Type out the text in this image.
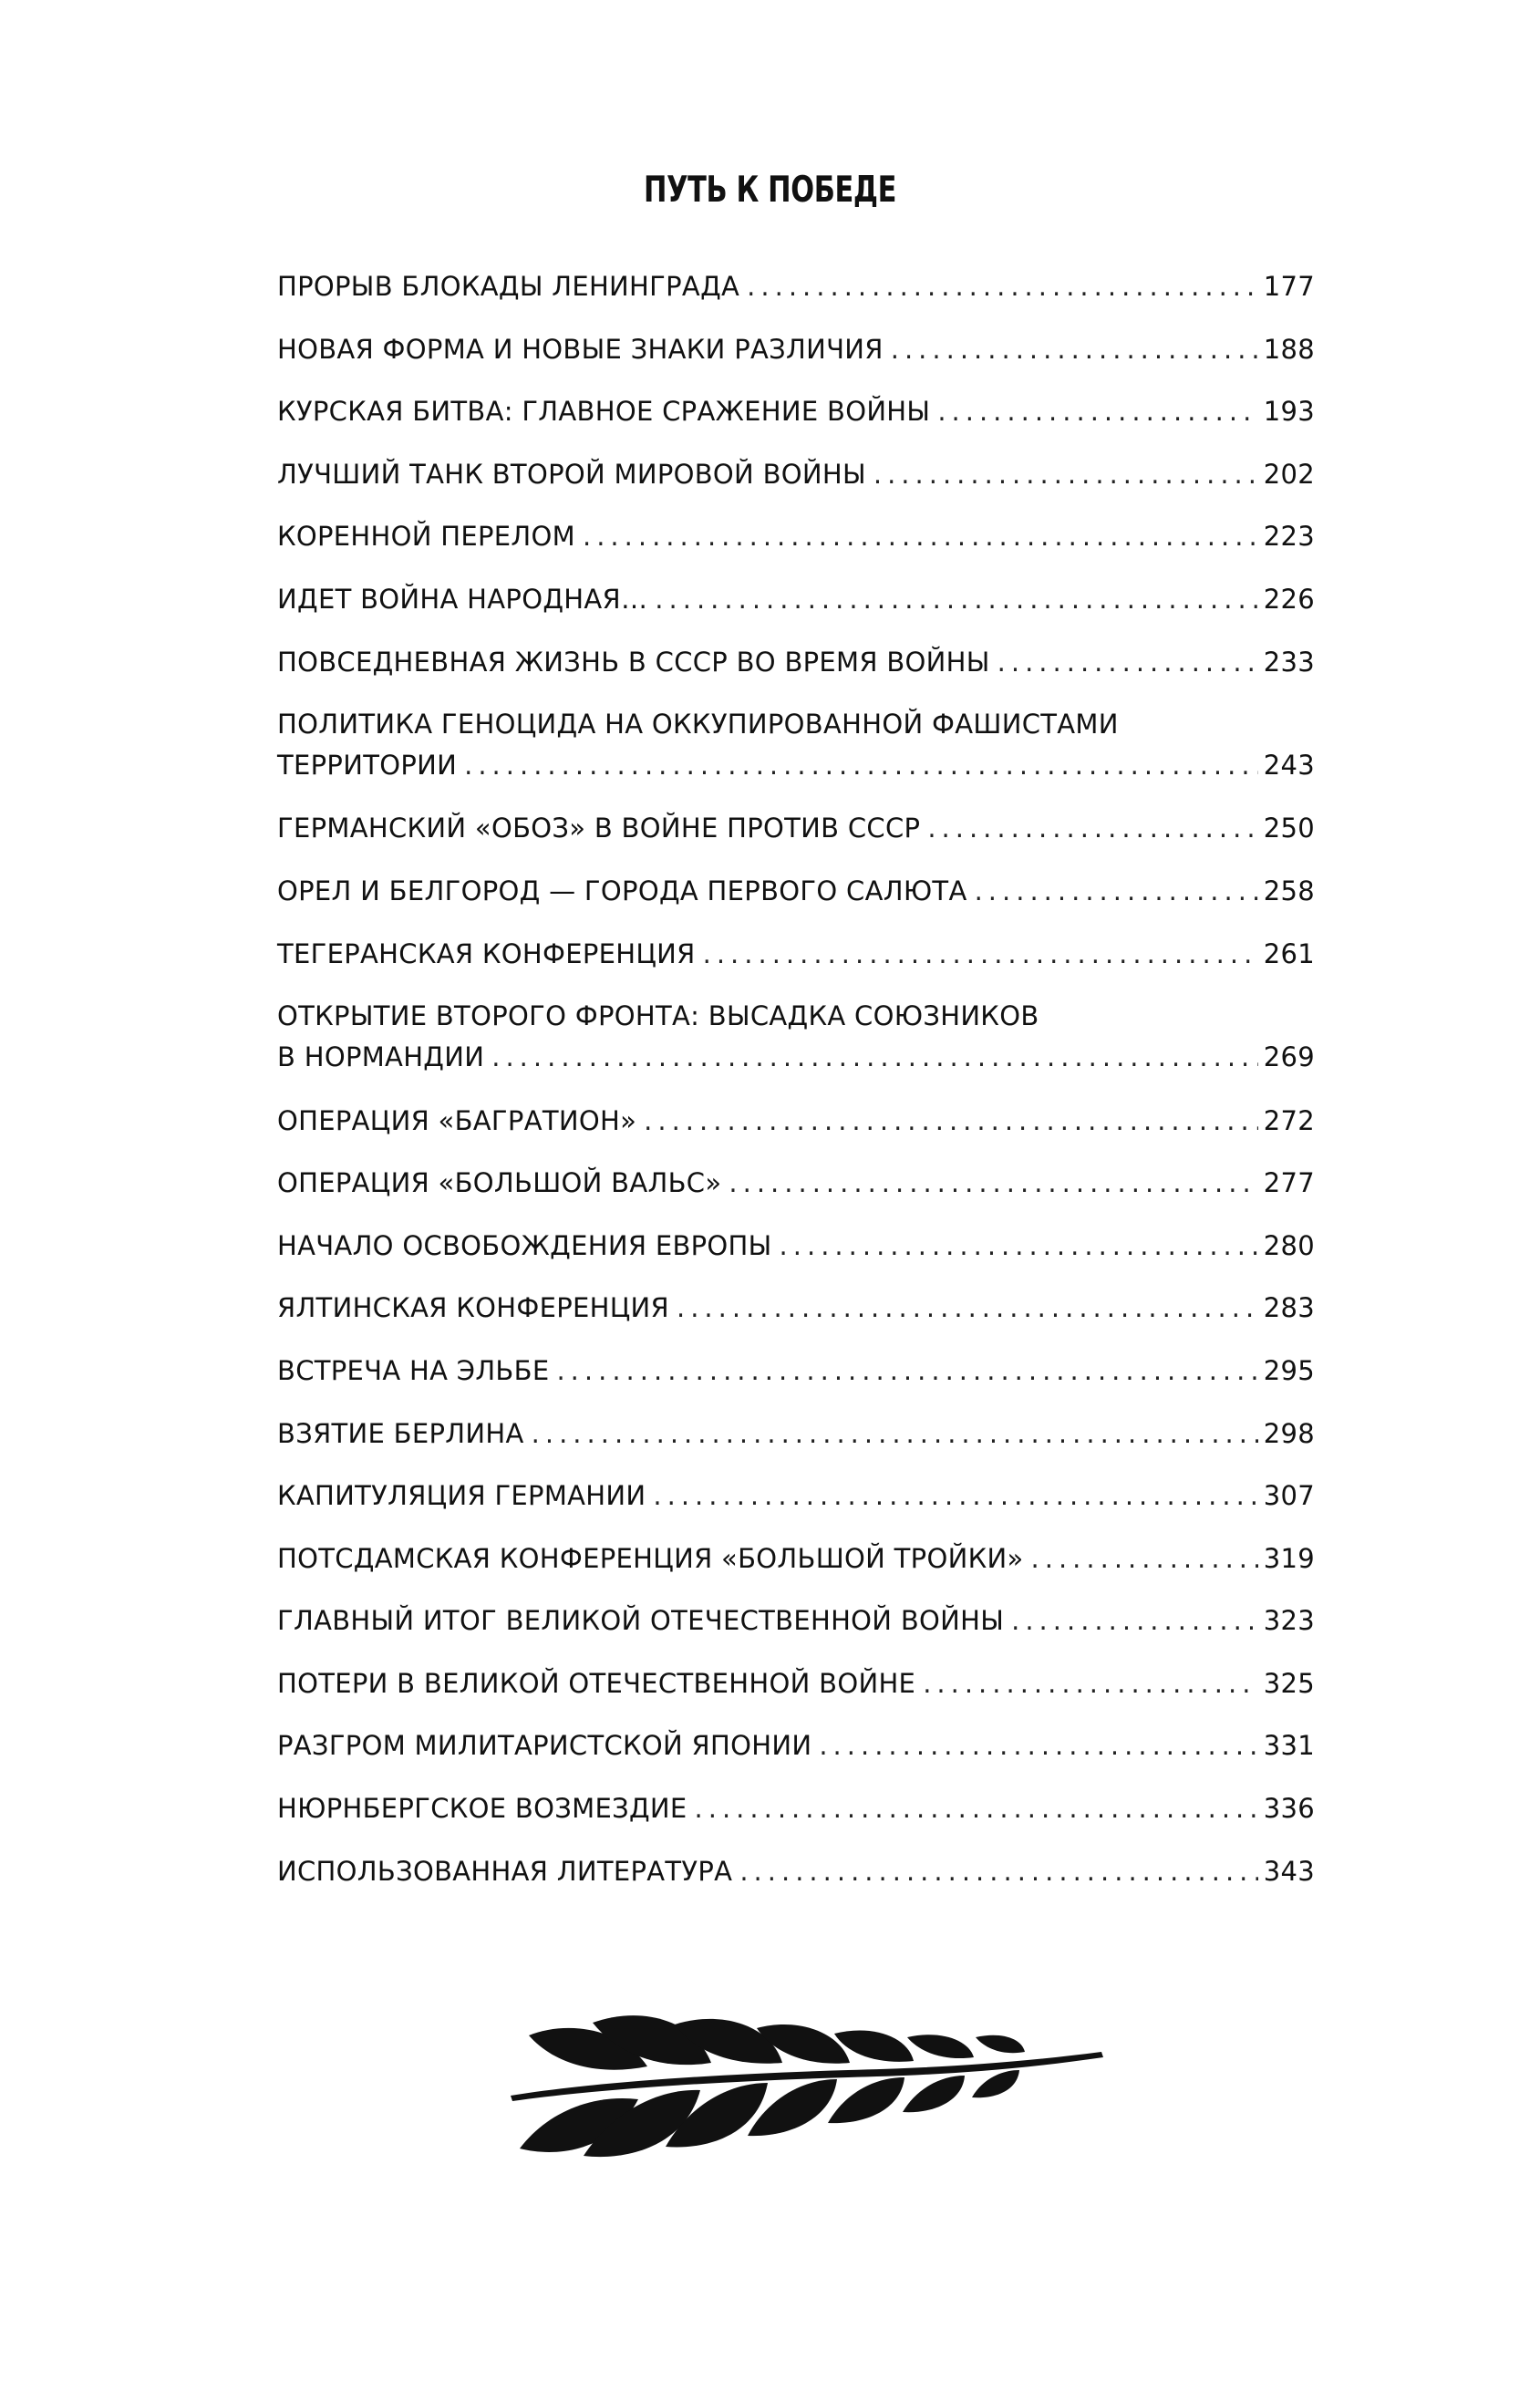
ПУТЬ К ПОБЕДЕ
ПРОРЫВ БЛОКАДЫ ЛЕНИНГРАДА .....	177
НОВАЯ ФОРМА И НОВЫЕ ЗНАКИ РАЗЛИЧИЯ .....	188
КУРСКАЯ БИТВА: ГЛАВНОЕ СРАЖЕНИЕ ВОЙНЫ .....	193
ЛУЧШИЙ ТАНК ВТОРОЙ МИРОВОЙ ВОЙНЫ .....	202
КОРЕННОЙ ПЕРЕЛОМ .....	223
ИДЕТ ВОЙНА НАРОДНАЯ… .....	226
ПОВСЕДНЕВНАЯ ЖИЗНЬ В СССР ВО ВРЕМЯ ВОЙНЫ .....	233
ПОЛИТИКА ГЕНОЦИДА НА ОККУПИРОВАННОЙ ФАШИСТАМИ
ТЕРРИТОРИИ .....	243
ГЕРМАНСКИЙ «ОБОЗ» В ВОЙНЕ ПРОТИВ СССР .....	250
ОРЕЛ И БЕЛГОРОД — ГОРОДА ПЕРВОГО САЛЮТА .....	258
ТЕГЕРАНСКАЯ КОНФЕРЕНЦИЯ .....	261
ОТКРЫТИЕ ВТОРОГО ФРОНТА: ВЫСАДКА СОЮЗНИКОВ
В НОРМАНДИИ .....	269
ОПЕРАЦИЯ «БАГРАТИОН» .....	272
ОПЕРАЦИЯ «БОЛЬШОЙ ВАЛЬС» .....	277
НАЧАЛО ОСВОБОЖДЕНИЯ ЕВРОПЫ .....	280
ЯЛТИНСКАЯ КОНФЕРЕНЦИЯ .....	283
ВСТРЕЧА НА ЭЛЬБЕ .....	295
ВЗЯТИЕ БЕРЛИНА .....	298
КАПИТУЛЯЦИЯ ГЕРМАНИИ .....	307
ПОТСДАМСКАЯ КОНФЕРЕНЦИЯ «БОЛЬШОЙ ТРОЙКИ» .....	319
ГЛАВНЫЙ ИТОГ ВЕЛИКОЙ ОТЕЧЕСТВЕННОЙ ВОЙНЫ .....	323
ПОТЕРИ В ВЕЛИКОЙ ОТЕЧЕСТВЕННОЙ ВОЙНЕ .....	325
РАЗГРОМ МИЛИТАРИСТСКОЙ ЯПОНИИ .....	331
НЮРНБЕРГСКОЕ ВОЗМЕЗДИЕ .....	336
ИСПОЛЬЗОВАННАЯ ЛИТЕРАТУРА .....	343
